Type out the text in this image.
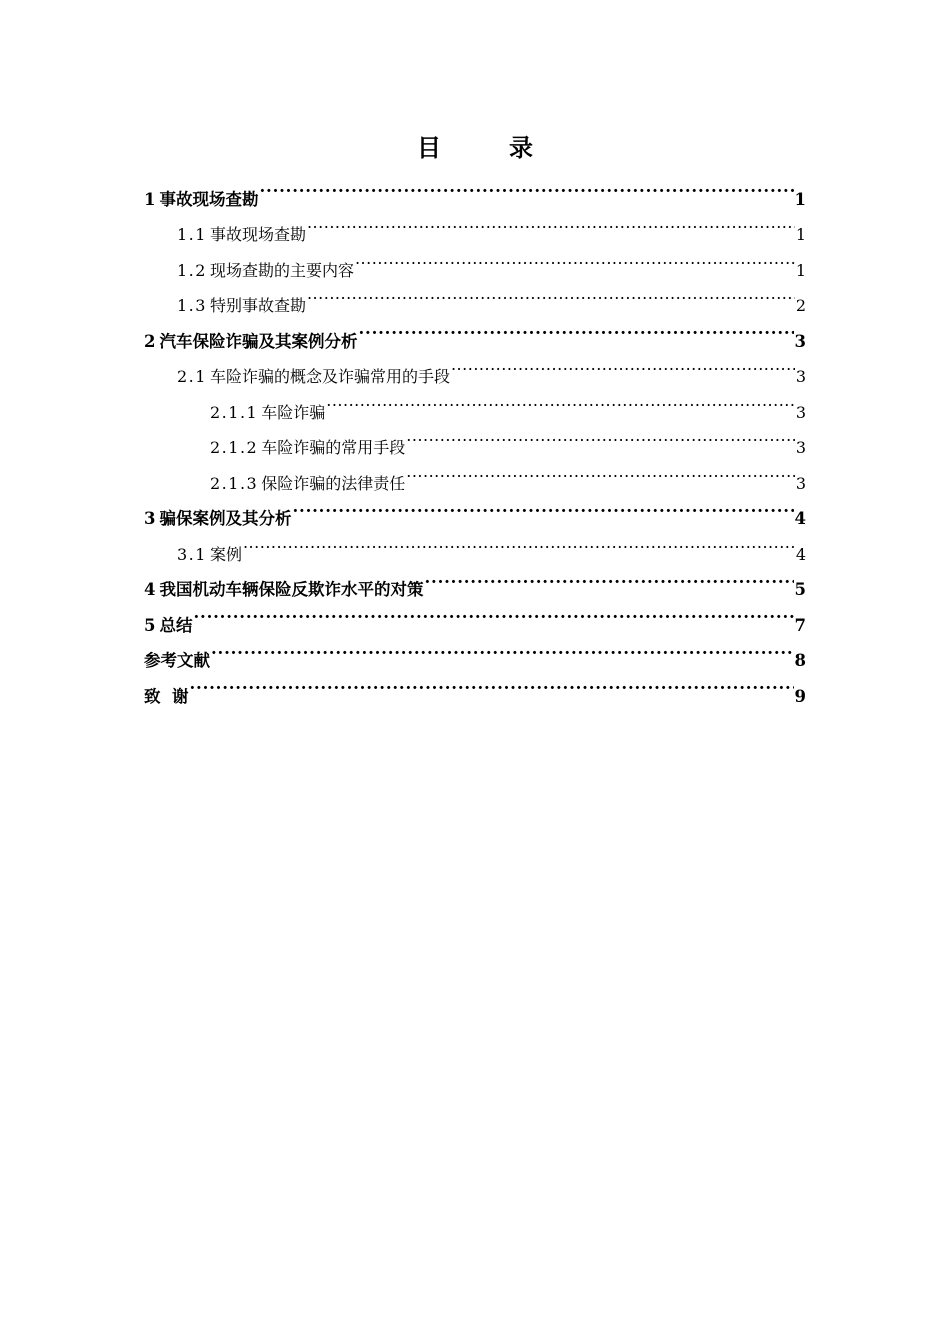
目　录
1 事故现场查勘 .....	1
1.1 事故现场查勘 .....	1
1.2 现场查勘的主要内容 .....	1
1.3 特别事故查勘 .....	2
2 汽车保险诈骗及其案例分析 .....	3
2.1 车险诈骗的概念及诈骗常用的手段 .....	3
2.1.1 车险诈骗 .....	3
2.1.2 车险诈骗的常用手段 .....	3
2.1.3 保险诈骗的法律责任 .....	3
3 骗保案例及其分析 .....	4
3.1 案例 .....	4
4 我国机动车辆保险反欺诈水平的对策 .....	5
5 总结 .....	7
参考文献 .....	8
致  谢 .....	9
